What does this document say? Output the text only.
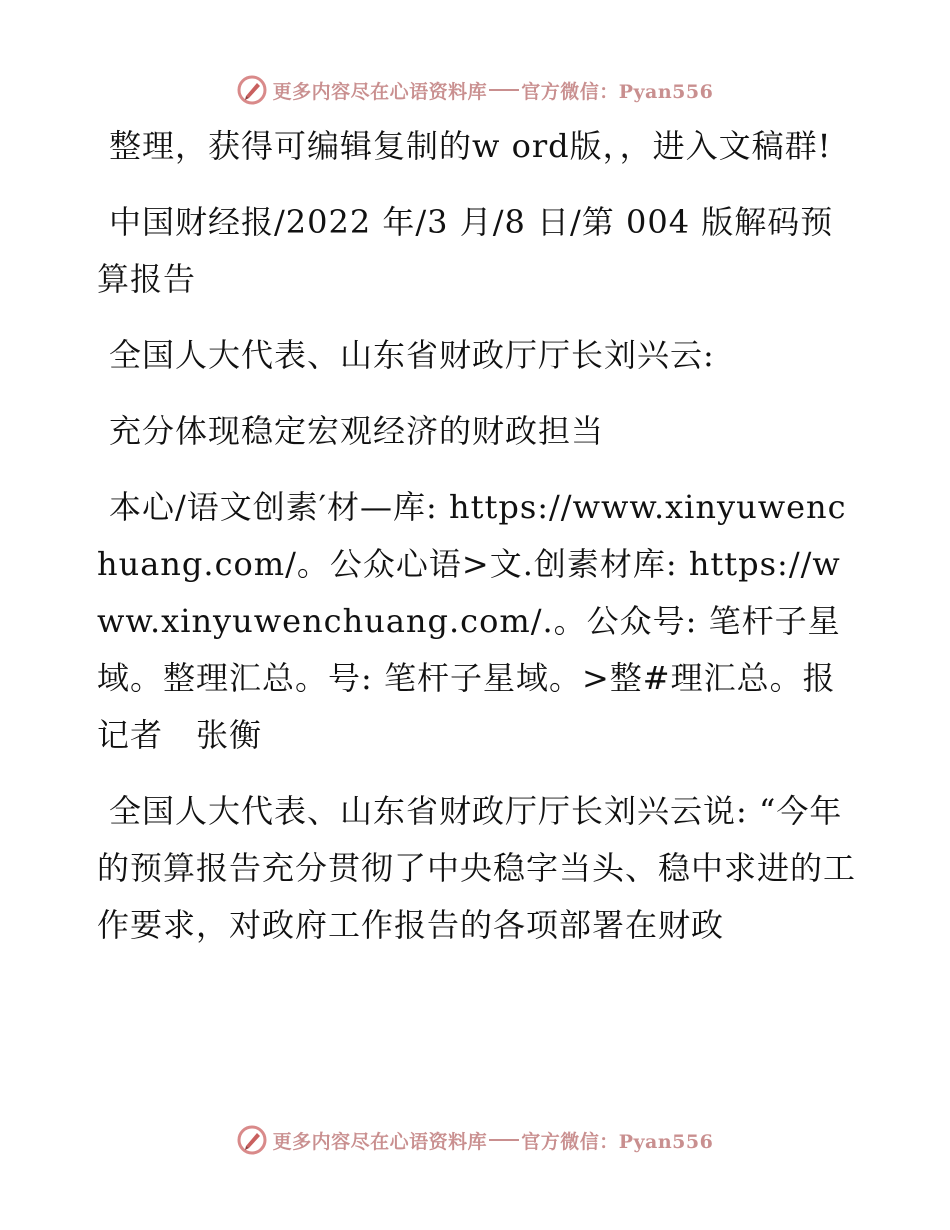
更多内容尽在心语资料库 官方微信：Pyan556

整理，获得可编辑复制的w ord版，，进入文稿群!

中国财经报/2022 年/3 月/8 日/第 004 版解码预算报告

全国人大代表、山东省财政厅厅长刘兴云:

充分体现稳定宏观经济的财政担当

本心/语文创素′材—库: https://www.xinyuwenchuang.com/。公众心语>文.创素材库: https://www.xinyuwenchuang.com/.。公众号: 笔杆子星域。整理汇总。号: 笔杆子星域。>整#理汇总。报记者　张衡

全国人大代表、山东省财政厅厅长刘兴云说: “今年的预算报告充分贯彻了中央稳字当头、稳中求进的工作要求，对政府工作报告的各项部署在财政

更多内容尽在心语资料库 官方微信：Pyan556
